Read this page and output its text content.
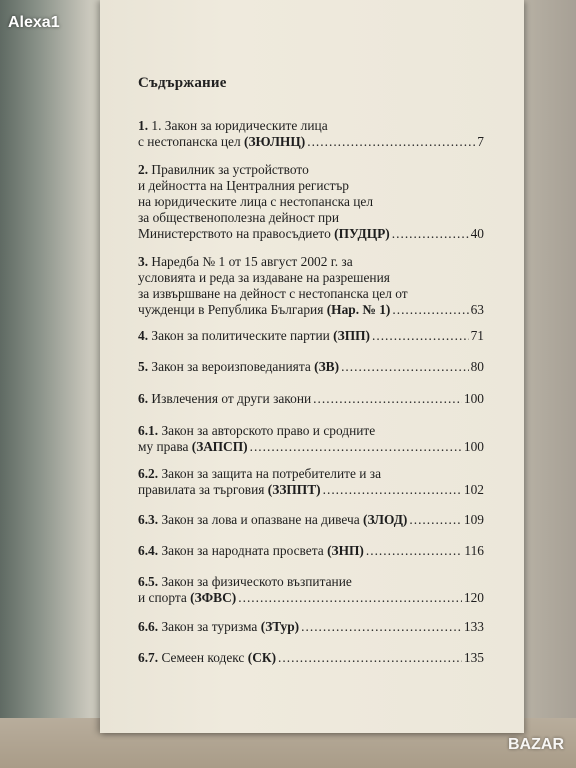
Съдържание
1. 1. Закон за юридическите лица
с нестопанска цел (ЗЮЛНЦ) .....	7
2. Правилник за устройството
и дейността на Централния регистър
на юридическите лица с нестопанска цел
за общественополезна дейност при
Министерството на правосъдието (ПУДЦР) .....	40
3. Наредба № 1 от 15 август 2002 г. за
условията и реда за издаване на разрешения
за извършване на дейност с нестопанска цел от
чужденци в Република България (Нар. № 1) .....	63
4. Закон за политическите партии (ЗПП) .....	71
5. Закон за вероизповеданията (ЗВ) .....	80
6. Извлечения от други закони .....	100
6.1. Закон за авторското право и сродните
му права (ЗАПСП) .....	100
6.2. Закон за защита на потребителите и за
правилата за търговия (ЗЗППТ) .....	102
6.3. Закон за лова и опазване на дивеча (ЗЛОД) .....	109
6.4. Закон за народната просвета (ЗНП) .....	116
6.5. Закон за физическото възпитание
и спорта (ЗФВС) .....	120
6.6. Закон за туризма (ЗТур) .....	133
6.7. Семеен кодекс (СК) .....	135
Alexa1
BAZAR
